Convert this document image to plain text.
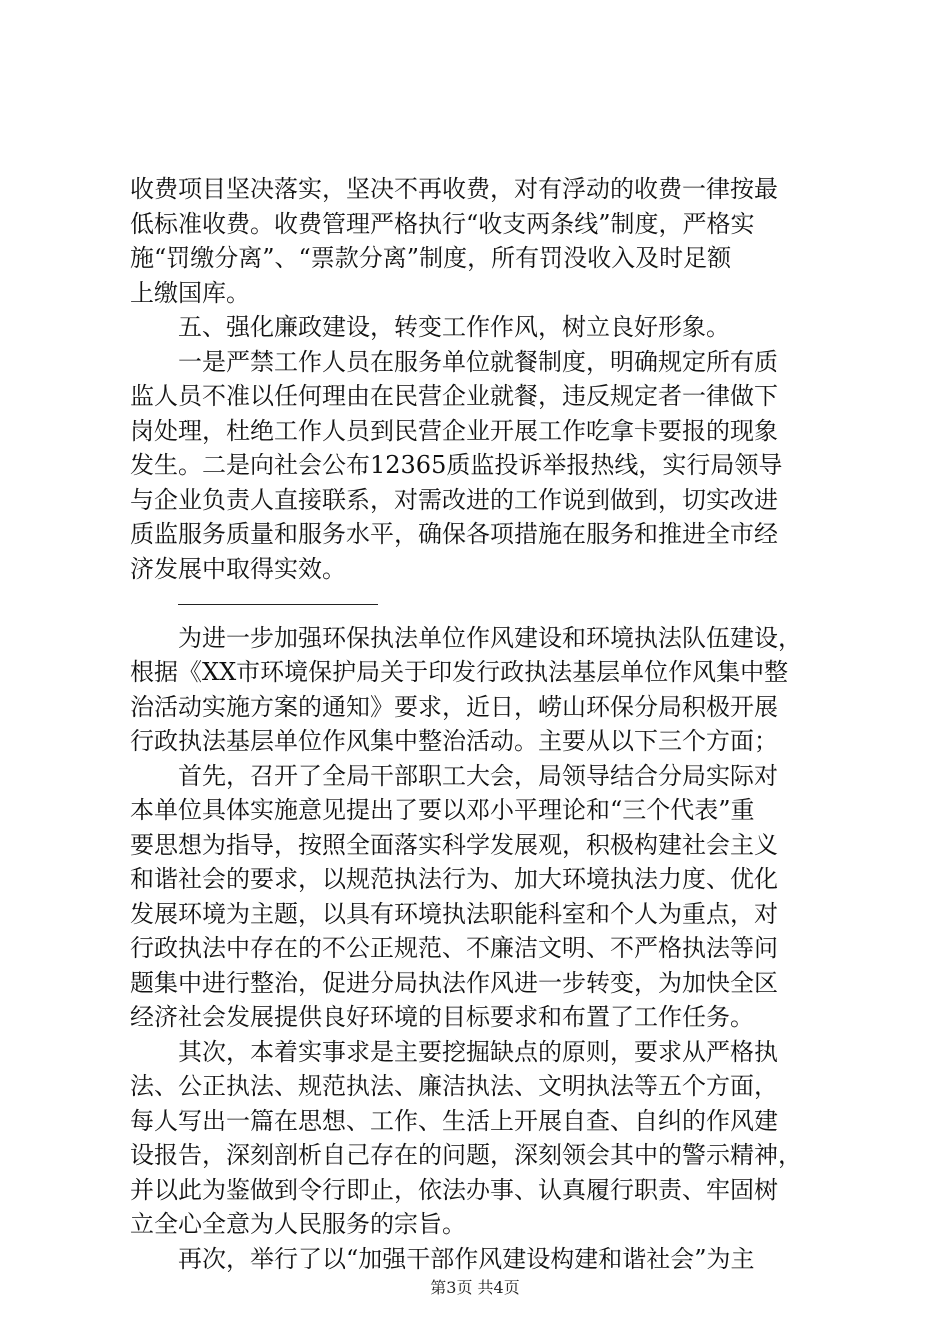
收费项目坚决落实，坚决不再收费，对有浮动的收费一律按最
低标准收费。收费管理严格执行“收支两条线”制度，严格实
施“罚缴分离”、“票款分离”制度，所有罚没收入及时足额
上缴国库。
五、强化廉政建设，转变工作作风，树立良好形象。
一是严禁工作人员在服务单位就餐制度，明确规定所有质
监人员不准以任何理由在民营企业就餐，违反规定者一律做下
岗处理，杜绝工作人员到民营企业开展工作吃拿卡要报的现象
发生。二是向社会公布12365质监投诉举报热线，实行局领导
与企业负责人直接联系，对需改进的工作说到做到，切实改进
质监服务质量和服务水平，确保各项措施在服务和推进全市经
济发展中取得实效。
为进一步加强环保执法单位作风建设和环境执法队伍建设，
根据《XX市环境保护局关于印发行政执法基层单位作风集中整
治活动实施方案的通知》要求，近日，崂山环保分局积极开展
行政执法基层单位作风集中整治活动。主要从以下三个方面；
首先，召开了全局干部职工大会，局领导结合分局实际对
本单位具体实施意见提出了要以邓小平理论和“三个代表”重
要思想为指导，按照全面落实科学发展观，积极构建社会主义
和谐社会的要求，以规范执法行为、加大环境执法力度、优化
发展环境为主题，以具有环境执法职能科室和个人为重点，对
行政执法中存在的不公正规范、不廉洁文明、不严格执法等问
题集中进行整治，促进分局执法作风进一步转变，为加快全区
经济社会发展提供良好环境的目标要求和布置了工作任务。
其次，本着实事求是主要挖掘缺点的原则，要求从严格执
法、公正执法、规范执法、廉洁执法、文明执法等五个方面，
每人写出一篇在思想、工作、生活上开展自查、自纠的作风建
设报告，深刻剖析自己存在的问题，深刻领会其中的警示精神，
并以此为鉴做到令行即止，依法办事、认真履行职责、牢固树
立全心全意为人民服务的宗旨。
再次，举行了以“加强干部作风建设构建和谐社会”为主
第3页 共4页
